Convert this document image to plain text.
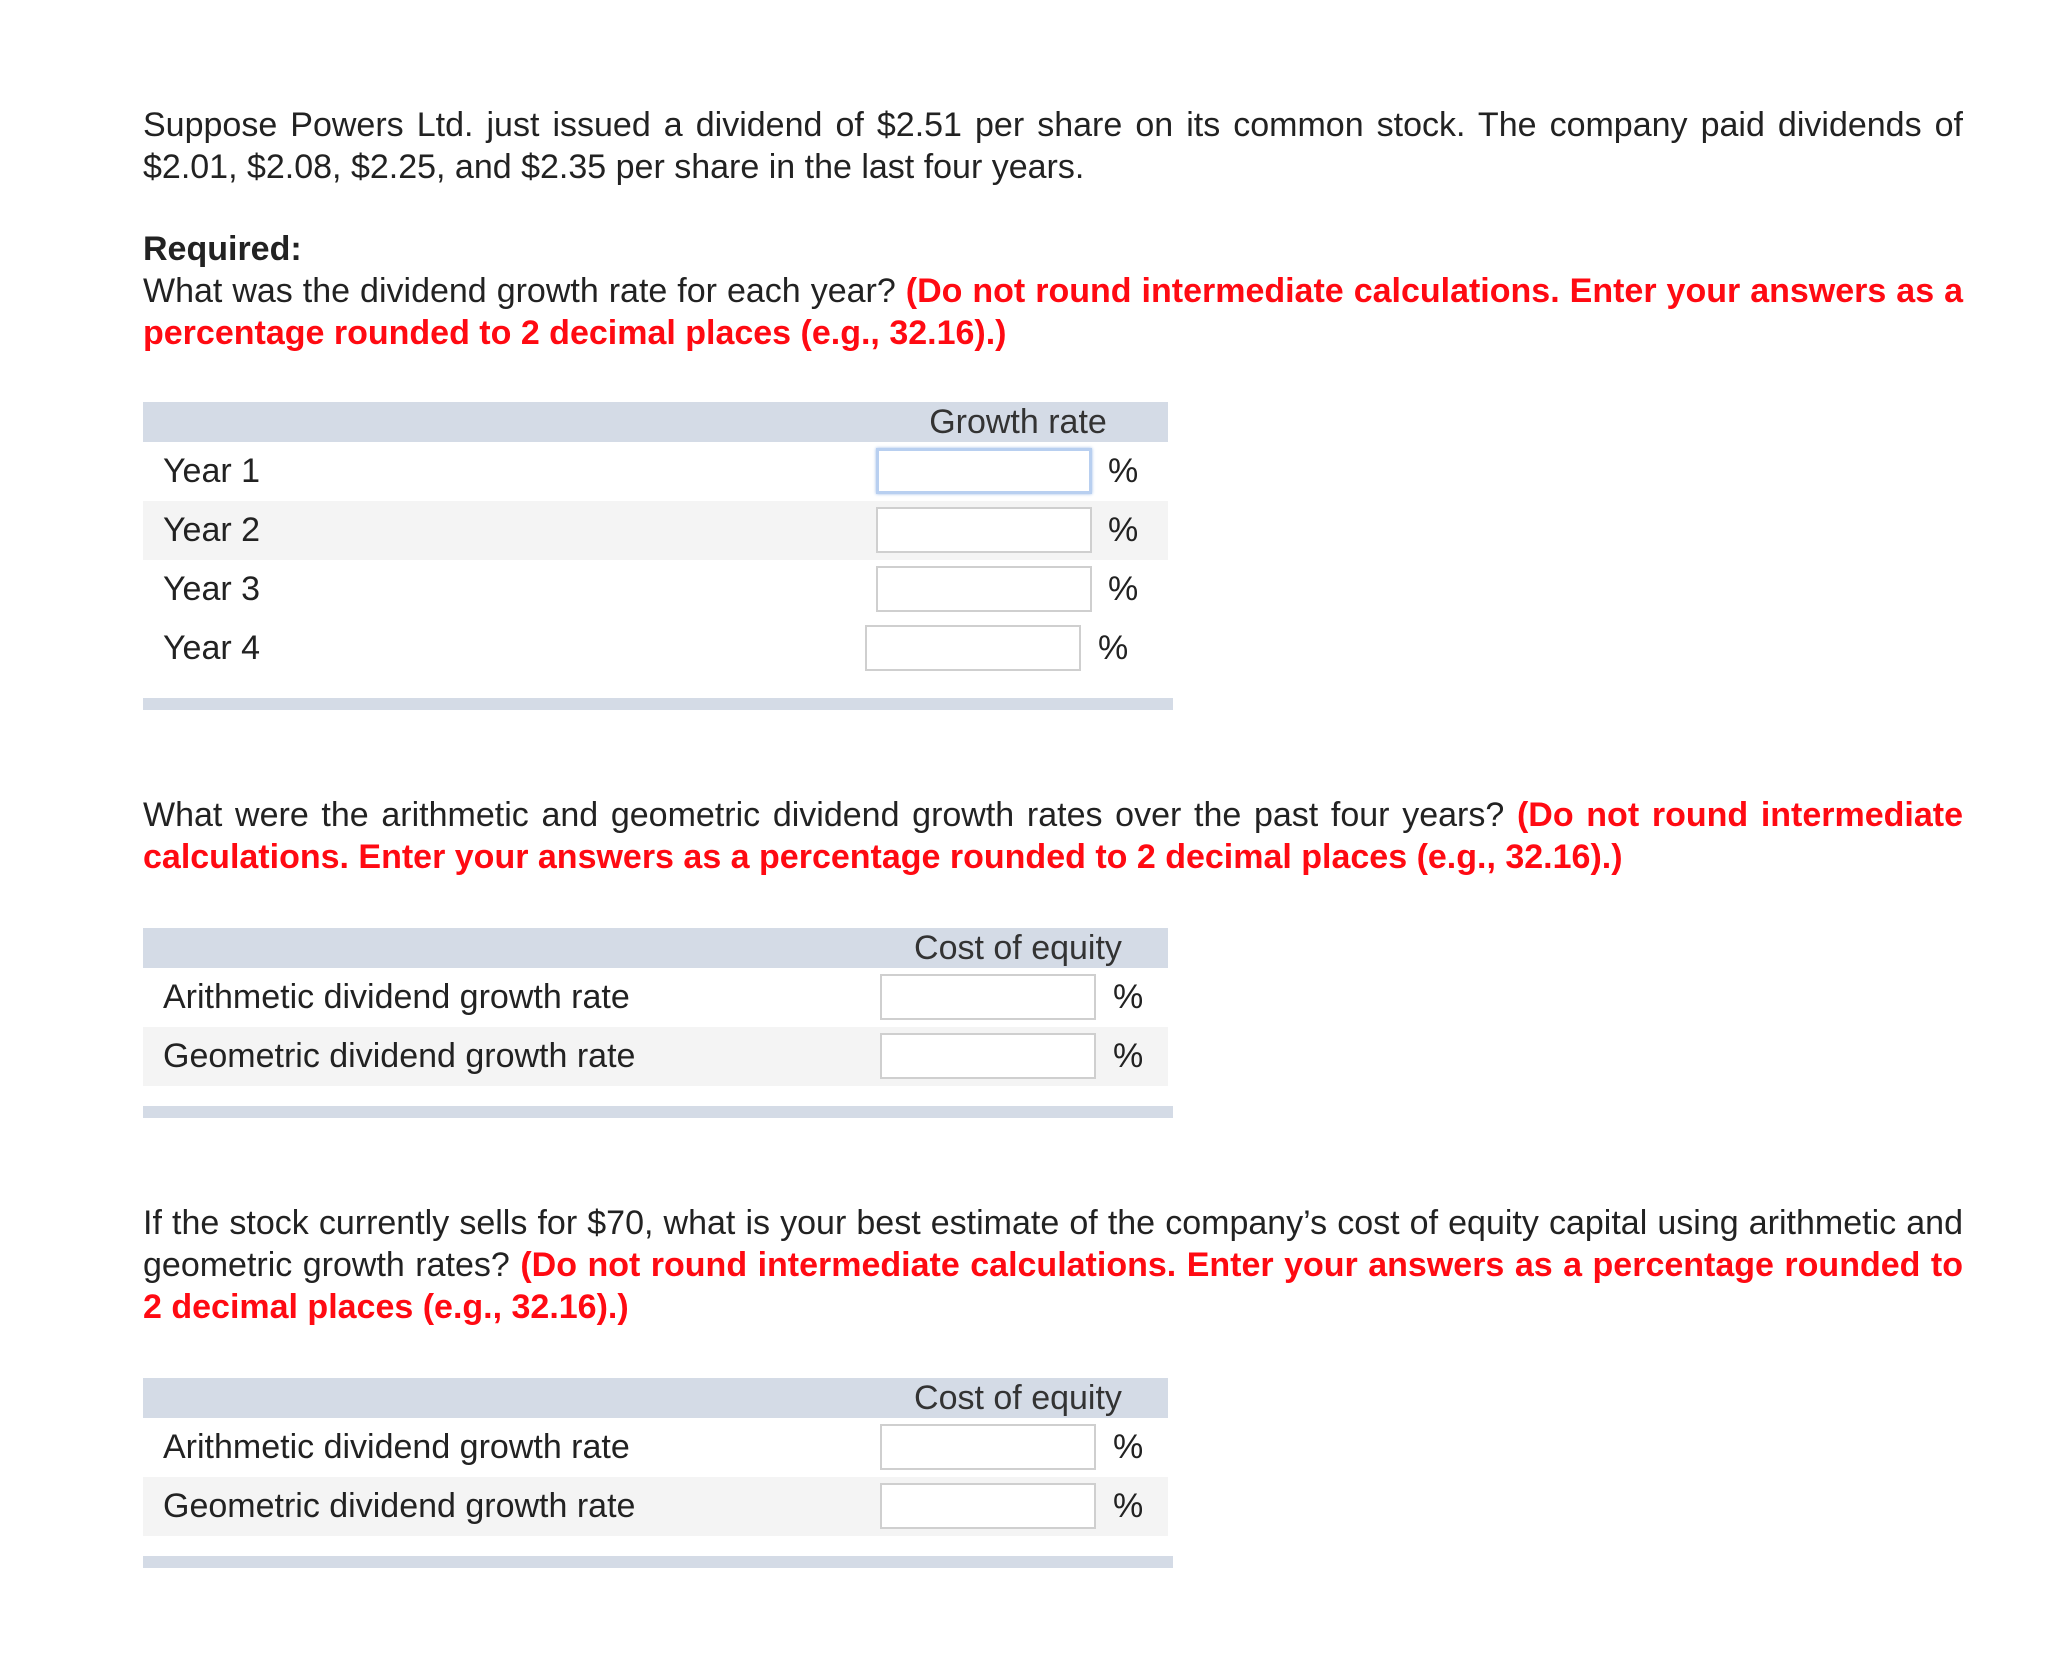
Suppose Powers Ltd. just issued a dividend of $2.51 per share on its common stock. The company paid dividends of $2.01, $2.08, $2.25, and $2.35 per share in the last four years.

Required:
What was the dividend growth rate for each year? (Do not round intermediate calculations. Enter your answers as a percentage rounded to 2 decimal places (e.g., 32.16).)

Growth rate
Year 1	%
Year 2	%
Year 3	%
Year 4	%

What were the arithmetic and geometric dividend growth rates over the past four years? (Do not round intermediate calculations. Enter your answers as a percentage rounded to 2 decimal places (e.g., 32.16).)

Cost of equity
Arithmetic dividend growth rate	%
Geometric dividend growth rate	%

If the stock currently sells for $70, what is your best estimate of the company’s cost of equity capital using arithmetic and geometric growth rates? (Do not round intermediate calculations. Enter your answers as a percentage rounded to 2 decimal places (e.g., 32.16).)

Cost of equity
Arithmetic dividend growth rate	%
Geometric dividend growth rate	%
